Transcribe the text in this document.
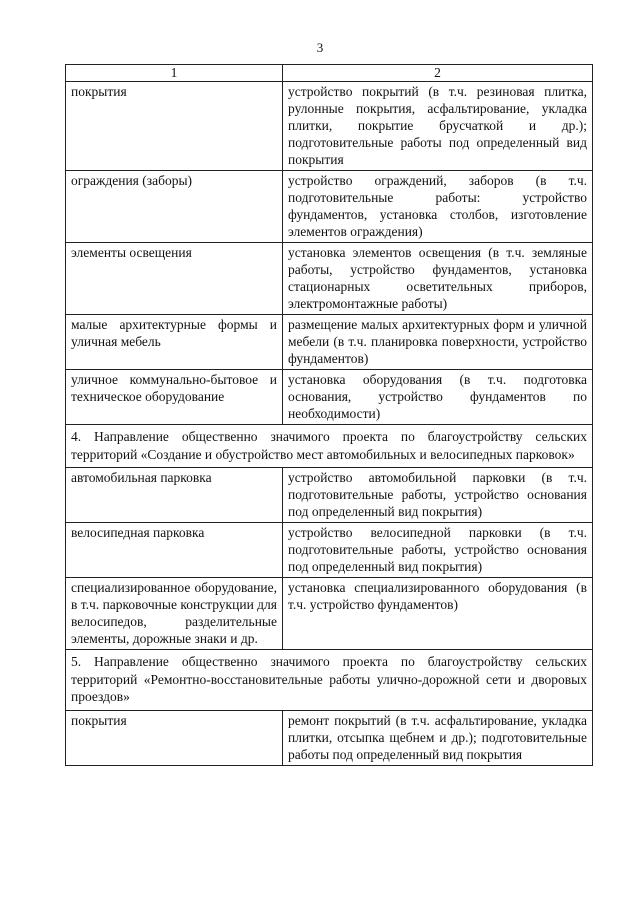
3
1	2
покрытия	устройство покрытий (в т.ч. резиновая плитка, рулонные покрытия, асфальтирование, укладка плитки, покрытие брусчаткой и др.); подготовительные работы под определенный вид покрытия
ограждения (заборы)	устройство ограждений, заборов (в т.ч. подготовительные работы: устройство фундаментов, установка столбов, изготовление элементов ограждения)
элементы освещения	установка элементов освещения (в т.ч. земляные работы, устройство фундаментов, установка стационарных осветительных приборов, электромонтажные работы)
малые архитектурные формы и уличная мебель	размещение малых архитектурных форм и уличной мебели (в т.ч. планировка поверхности, устройство фундаментов)
уличное коммунально-бытовое и техническое оборудование	установка оборудования (в т.ч. подготовка основания, устройство фундаментов по необходимости)
4. Направление общественно значимого проекта по благоустройству сельских территорий «Создание и обустройство мест автомобильных и велосипедных парковок»	
автомобильная парковка	устройство автомобильной парковки (в т.ч. подготовительные работы, устройство основания под определенный вид покрытия)
велосипедная парковка	устройство велосипедной парковки (в т.ч. подготовительные работы, устройство основания под определенный вид покрытия)
специализированное оборудование, в т.ч. парковочные конструкции для велосипедов, разделительные элементы, дорожные знаки и др.	установка специализированного оборудования (в т.ч. устройство фундаментов)
5. Направление общественно значимого проекта по благоустройству сельских территорий «Ремонтно-восстановительные работы улично-дорожной сети и дворовых проездов»	
покрытия	ремонт покрытий (в т.ч. асфальтирование, укладка плитки, отсыпка щебнем и др.); подготовительные работы под определенный вид покрытия
